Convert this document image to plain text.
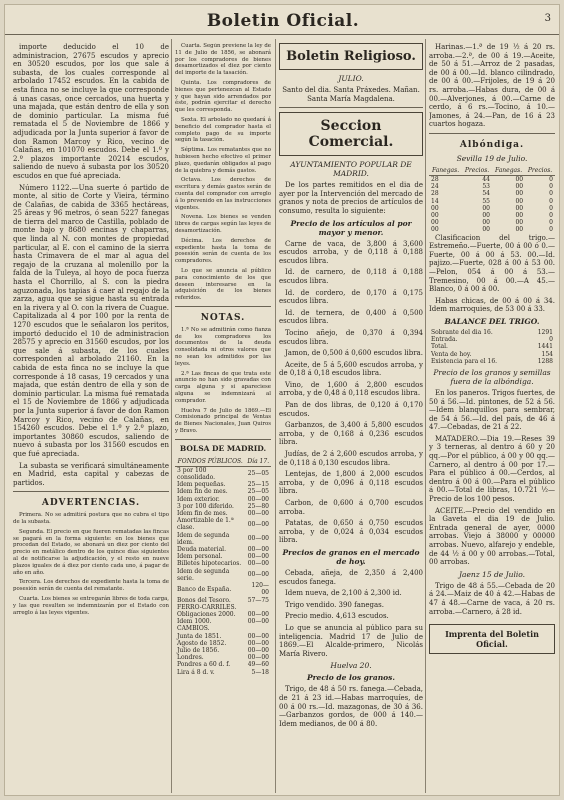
Boletin Oficial.	3

importe deducido el 10 de administracion, 27675 escudos y aprecio en 30520 escudos, por los que sale á subasta, de los cuales corresponde al arbolado 17452 escudos. En la cabida de esta finca no se incluye la que corresponde á unas casas, once cercados, una huerta y una majada, que están dentro de ella y son de dominio particular. La misma fué rematada el 5 de Noviembre de 1866 y adjudicada por la Junta superior á favor de don Ramon Marcoy y Rico, vecino de Calañas, en 101070 escudos. Debe el 1.º y 2.º plazos importante 20214 escudos, saliendo de nuevo á subasta por los 30520 escudos en que fué apreciada.

Número 1122.—Una suerte ó partido de monte, al sitio de Corte y Vieira, término de Calañas, de cabida de 3365 hectáreas, 25 áreas y 96 metros, ó sean 5227 fanegas de tierra del marco de Castilla, poblado de monte bajo y 8680 encinas y chaparras, que linda al N. con montes de propiedad particular, al E. con el camino de la sierra hasta Crimavera de el mar al agua del regajo de la cruzana al molenillo por la falda de la Tuleya, al hoyo de poca fuerza hasta el Chorrillo, al S. con la piedra aguzonada, los tapias á caer al regajo de la zarza, agua que se sigue hasta su entrada en la rivera y al O. con la rivera de Cuague. Capitalizada al 4 por 100 por la renta de 1270 escudos que le señalaron los peritos, importó deducido el 10 de administracion 28575 y aprecio en 31560 escudos, por los que sale á subasta, de los cuales corresponden al arbolado 21160. En la cabida de esta finca no se incluye la que corresponde á 18 casas, 19 cercados y una majada, que están dentro de ella y son de dominio particular. La misma fué rematada el 15 de Noviembre de 1866 y adjudicada por la Junta superior á favor de don Ramon Marcoy y Rico, vecino de Calañas, en 154260 escudos. Debe el 1.º y 2.º plazo, importantes 30860 escudos, saliendo de nuevo á subasta por los 31560 escudos en que fué apreciada.

La subasta se verificará simultáneamente en Madrid, esta capital y cabezas de partidos.

ADVERTENCIAS.

Primera. No se admitirá postura que no cubra el tipo de la subasta.

Segunda. El precio en que fueren rematadas las fincas se pagará en la forma siguiente: en los bienes que procedan del Estado, se abonará un diez por ciento del precio en metálico dentro de los quince días siguientes al de notificarse la adjudicación, y el resto en nueve plazos iguales de á diez por ciento cada uno, á pagar de año en año.

Tercera. Los derechos de expediente hasta la toma de posesión serán de cuenta del rematante.

Cuarta. Los bienes se entregarán libres de toda carga, y las que resulten se indemnizarán por el Estado con arreglo á las leyes vigentes.

Cuarta. Según previene la ley de 11 de Julio de 1856, se abonará por los compradores de bienes desamortizados el diez por ciento del importe de la tasación.

Quinta. Los compradores de bienes que pertenezcan al Estado y que hayan sido arrendados por éste, podrán ejercitar el derecho que les corresponda.

Sexta. El arbolado no quedará á beneficio del comprador hasta el completo pago de su importe según la tasación.

Séptima. Los rematantes que no hubiesen hecho efectivo el primer plazo, quedarán obligados al pago de la quiebra y demás gastos.

Octava. Los derechos de escritura y demás gastos serán de cuenta del comprador con arreglo á lo prevenido en las instrucciones vigentes.

Novena. Los bienes se venden libres de cargas según las leyes de desamortización.

Décima. Los derechos de expediente hasta la toma de posesión serán de cuenta de los compradores.

Lo que se anuncia al público para conocimiento de los que deseen interesarse en la adquisición de los bienes referidos.

NOTAS.

1.ª No se admitirán como fianza de los compradores los documentos de la deuda consolidada ni otros valores que no sean los admitidos por las leyes.

2.ª Las fincas de que trata este anuncio no han sido gravadas con carga alguna y si apareciese alguna se indemnizará al comprador.

Huelva 7 de Julio de 1869.—El Comisionado principal de Ventas de Bienes Nacionales, Juan Quiros y Bravo.

BOLSA DE MADRID.
FONDOS PÚBLICOS.	Día 17.
3 por 100 consolidado.	25—05
Idem pequeñas.	25—15
Idem fin de mes.	25—05
Idem exterior.	00—00
3 por 100 diferido.	25—80
Idem fin de mes.	00—00
Amortizable de 1.ª clase.	00—00
Idem de segunda idem.	00—00
Deuda material.	00—00
Idem personal.	00—00
Billetes hipotecarios.	00—00
Idem de segunda serie.	00—00
Banco de España.	120—00
Bonos del Tesoro.	57—75
FERRO-CARRILES.	
Obligaciones 2000.	00—00
Idem 1000.	00—00
CAMBIOS.	
Junta de 1851.	00—00
Agosto de 1852.	00—00
Julio de 1856.	00—00
Londres.	00—00
Pondres a 60 d. f.	49—60
Lira á 8 d. v.	5—18
Boletin Religioso.
JULIO.

Santo del dia. Santa Práxedes. Mañan. Santa María Magdalena.

Seccion Comercial.
AYUNTAMIENTO POPULAR DE MADRID.

De los partes remitidos en el dia de ayer por la Intervención del mercado de granos y nota de precios de artículos de consumo, resulta lo siguiente:

Precio de los artículos al por mayor y menor.

Carne de vaca, de 3,800 á 3,600 escudos arroba, y de 0,118 á 0,188 escudos libra.

Id. de carnero, de 0,118 á 0,188 escudos libra.

Id. de cordero, de 0,170 á 0,175 escudos libra.

Id. de ternera, de 0,400 á 0,500 escudos libra.

Tocino añejo, de 0,370 á 0,394 escudos libra.

Jamon, de 0,500 á 0,600 escudos libra.

Aceite, de 5 á 5,600 escudos arroba, y de 0,18 á 0,18 escudos libra.

Vino, de 1,600 á 2,800 escudos arroba, y de 0,48 á 0,118 escudos libra.

Pan de dos libras, de 0,120 á 0,170 escudos.

Garbanzos, de 3,400 á 5,800 escudos arroba, y de 0,168 á 0,236 escudos libra.

Judías, de 2 á 2,600 escudos arroba, y de 0,118 á 0,130 escudos libra.

Lentejas, de 1,800 á 2,000 escudos arroba, y de 0,096 á 0,118 escudos libra.

Carbon, de 0,600 á 0,700 escudos arroba.

Patatas, de 0,650 á 0,750 escudos arroba, y de 0,024 á 0,034 escudos libra.

Precios de granos en el mercado de hoy.

Cebada, añeja, de 2,350 á 2,400 escudos fanega.

Idem nueva, de 2,100 á 2,300 id.

Trigo vendido. 390 fanegas.

Precio medio. 4,613 escudos.

Lo que se anuncia al público para su inteligencia. Madrid 17 de Julio de 1869.—El Alcalde-primero, Nicolás María Rivero.

Huelva 20.
Precio de los granos.

Trigo, de 48 á 50 rs. fanega.—Cebada, de 21 á 23 id.—Habas marroquíes, de 00 á 00 rs.—Id. mazagonas, de 30 á 36.—Garbanzos gordos, de 000 á 140.—Idem medianos, de 00 á 80.

Harinas.—1.ª de 19 ½ á 20 rs. arroba.—2.ª, de 00 á 19.—Aceite, de 50 á 51.—Arroz de 2 pasadas, de 00 á 00.—Id. blanco cilindrado, de 00 á 00.—Frijoles, de 19 á 20 rs. arroba.—Habas dura, de 00 á 00.—Alverjones, á 00.—Carne de cerdo, á 6 rs.—Tocino, á 10.—Jamones, á 24.—Pan, de 16 á 23 cuartos hogaza.

Albóndiga.
Sevilla 19 de Julio.
Fanegas.	Precios.	Fanegas.	Precios.
28	44	00	0
24	53	00	0
28	54	00	0
14	55	00	0
00	00	00	0
00	00	00	0
00	00	00	0
00	00	00	0

Clasificacion del trigo.—Estremeño.—Fuerte, 00 á 00 ó 0.—Fuerte, 00 á 00 á 53. 00.—Id. pajizo.—Fuerte, 028 á 00 á 53 00.—Pelon, 054 á 00 á 53.—Tremesino, 00 á 00.—A 45.—Blanco, 0 á 00 á 00.

Habas chicas, de 00 á 00 á 34. Idem marroquies, de 53 00 á 33.

BALANCE DEL TRIGO.
Sobrante del dia 16.	1291
Entrada.	0
Total.	1441
Venta de hoy.	154
Existencia para el 16.	1288
Precio de los granos y semillas fuera de la albóndiga.

En los paneros. Trigos fuertes, de 50 á 56.—Id. pintones, de 52 á 56.—Idem blanquillos para sembrar, de 54 á 56.—Id. del país, de 46 á 47.—Cebadas, de 21 á 22.

MATADERO.—Dia 19.—Reses 39 y 3 terneras, al dentro á 60 y 20 qq.—Por el público, á 00 y 00 qq.—Carnero, al dentro á 00 por 17.—Para el público á 00.—Cerdos, al dentro á 00 á 00.—Para el público á 00.—Total de libras, 10.721 ½—Precio de los 100 pesos.

ACEITE.—Precio del vendido en la Gaveta el dia 19 de Julio. Entrada general de ayer, 0000 arrobas. Viejo á 38000 y 00000 arrobas. Nuevo, alfarejo y endeble, de 44 ½ á 00 y 00 arrobas.—Total, 00 arrobas.

Jaenz 15 de Julio.

Trigo de 48 á 55.—Cebada de 20 á 24.—Maiz de 40 á 42.—Habas de 47 á 48.—Carne de vaca, á 20 rs. arroba.—Carnero, á 28 id.

Imprenta del Boletin Oficial.
